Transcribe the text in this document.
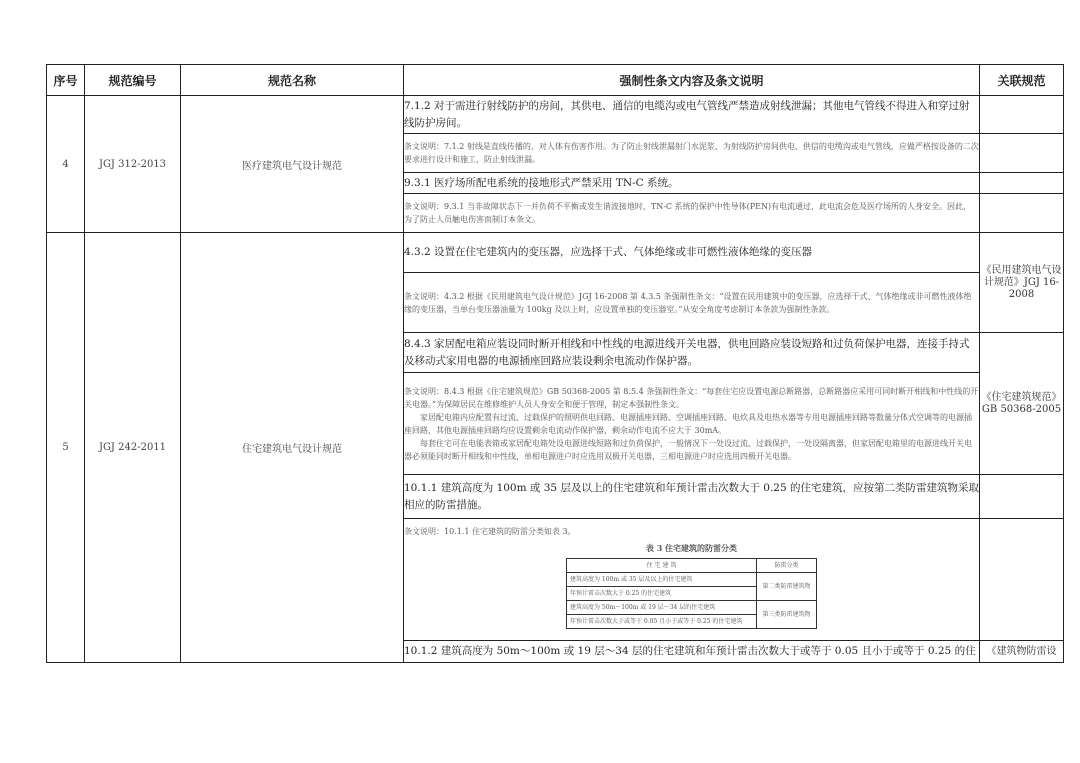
序号	规范编号	规范名称	强制性条文内容及条文说明	关联规范
4	JGJ 312-2013	医疗建筑电气设计规范	7.1.2 对于需进行射线防护的房间，其供电、通信的电缆沟或电气管线严禁造成射线泄漏；其他电气管线不得进入和穿过射线防护房间。	
条文说明：7.1.2 射线是直线传播的，对人体有伤害作用。为了防止射线泄漏射门水泥浆、为射线防护房间供电、供信的电缆沟或电气管线，应做严格按设备的二次要求进行设计和施工，防止射线泄漏。	
9.3.1 医疗场所配电系统的接地形式严禁采用 TN-C 系统。	
条文说明：9.3.1 当非故障状态下一并负荷不平衡或发生谐波接地时，TN-C 系统的保护中性导体(PEN)有电流通过，此电流会危及医疗场所的人身安全。因此，为了防止人员触电伤害而制订本条文。	
5	JGJ 242-2011	住宅建筑电气设计规范	4.3.2 设置在住宅建筑内的变压器，应选择干式、气体绝缘或非可燃性液体绝缘的变压器	《民用建筑电气设计规范》JGJ 16-2008
条文说明：4.3.2 根据《民用建筑电气设计规范》JGJ 16-2008 第 4.3.5 条强制性条文：“设置在民用建筑中的变压器，应选择干式、气体绝缘或非可燃性液体绝缘的变压器，当单台变压器油量为 100kg 及以上时，应设置单独的变压器室。”从安全角度考虑制订本条款为强制性条款。
8.4.3 家居配电箱应装设同时断开相线和中性线的电源进线开关电器，供电回路应装设短路和过负荷保护电器，连接手持式及移动式家用电器的电源插座回路应装设剩余电流动作保护器。	《住宅建筑规范》GB 50368-2005

条文说明：8.4.3 根据《住宅建筑规范》GB 50368-2005 第 8.5.4 条强制性条文：“每套住宅应设置电源总断路器，总断路器应采用可同时断开相线和中性线的开关电器。”为保障居民在维修维护人员人身安全和便于管理，制定本强制性条文。

家居配电箱内应配置有过流、过载保护的照明供电回路、电源插座回路、空调插座回路、电炊具及电热水器等专用电源插座回路等数量分体式空调等的电源插座回路，其他电源插座回路均应设置剩余电流动作保护器，剩余动作电流不应大于 30mA。

每套住宅可在电能表箱或家居配电箱处设电源进线短路和过负荷保护，一般情况下一处设过流、过载保护，一处设隔离器，但家居配电箱里的电源进线开关电器必须能同时断开相线和中性线，单相电源进户时应选用双极开关电器，三相电源进户时应选用四极开关电器。

10.1.1 建筑高度为 100m 或 35 层及以上的住宅建筑和年预计雷击次数大于 0.25 的住宅建筑，应按第二类防雷建筑物采取相应的防雷措施。	

条文说明：10.1.1 住宅建筑的防雷分类如表 3。

表 3 住宅建筑的防雷分类
住 宅 建 筑	防雷分类
建筑高度为 100m 或 35 层及以上的住宅建筑	第二类防雷建筑物
年预计雷击次数大于 0.25 的住宅建筑
建筑高度为 50m～100m 或 19 层～34 层的住宅建筑	第三类防雷建筑物
年预计雷击次数大于或等于 0.05 且小于或等于 0.25 的住宅建筑

10.1.2 建筑高度为 50m～100m 或 19 层～34 层的住宅建筑和年预计雷击次数大于或等于 0.05 且小于或等于 0.25 的住	《建筑物防雷设
